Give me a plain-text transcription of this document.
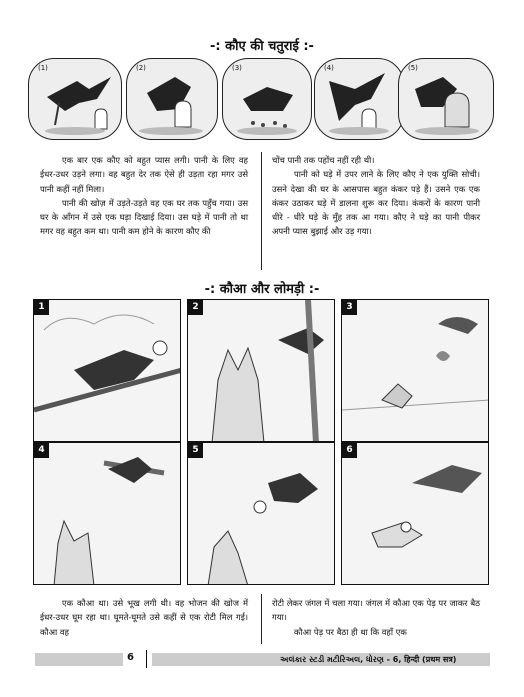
-: कौए की चतुराई :-
(1)	(2)	(3)	(4)	(5)

एक बार एक कौए को बहुत प्यास लगी। पानी के लिए वह ईधर-उधर उड़ने लगा। वह बहुत देर तक ऐसे ही उड़ता रहा मगर उसे पानी कहीं नहीं मिला।

पानी की खोज़ में उड़ते-उड़ते वह एक घर तक पहुँच गया। उस घर के आँगन में उसे एक घड़ा दिखाई दिया। उस घड़े में पानी तो था मगर वह बहुत कम था। पानी कम होने के कारण कौए की

चोंच पानी तक पहोंच नहीं रही थी।

पानी को घड़े में उपर लाने के लिए कौए ने एक युक्ति सोची। उसने देखा की घर के आसपास बहुत कंकर पड़े हैं। उसने एक एक कंकर उठाकर घड़े में डालना शुरू कर दिया। कंकरों के कारण पानी धीरे - धीरे घड़े के मुँह तक आ गया। कौए ने घड़े का पानी पीकर अपनी प्यास बुझाई और उड़ गया।

-: कौआ और लोमड़ी :-
1	2	3
4	5	6

एक कौआ था। उसे भूख लगी थी। वह भोजन की खोज में ईधर-उधर घूम रहा था। घूमते-घूमते उसे कहीं से एक रोटी मिल गई। कौआ वह

रोटी लेकर जंगल में चला गया। जंगल में कौआ एक पेड़ पर जाकर बैठ गया।

कौआ पेड़ पर बैठा ही था कि वहाँ एक

6	અલંકાર સ્ટડી મટીરિઅલ, ધોરણ - 6, हिन्दी (प्रथम सत्र)
